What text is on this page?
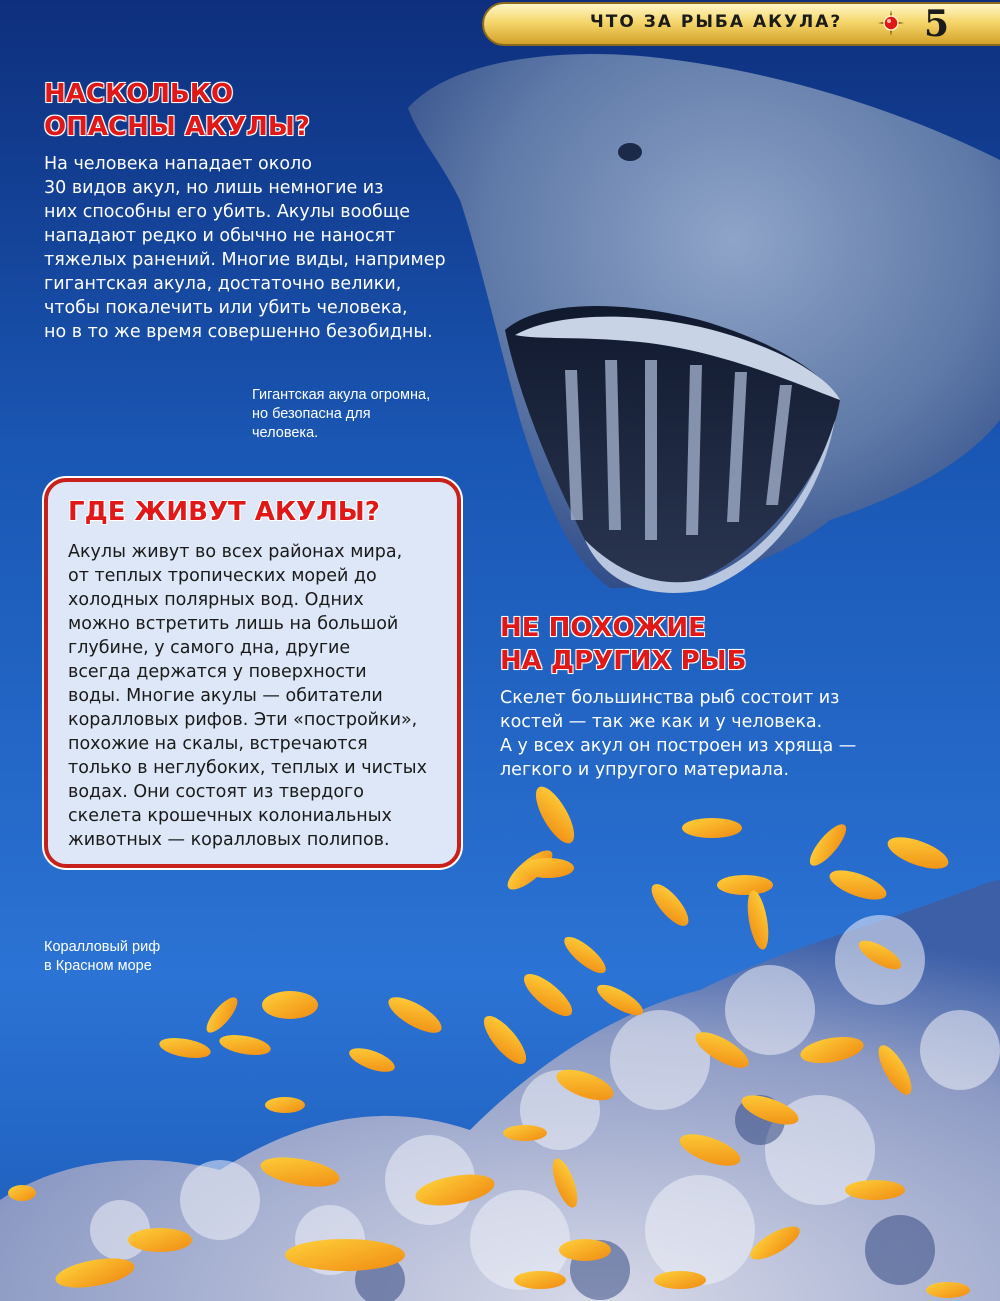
ЧТО ЗА РЫБА АКУЛА? 5
НАСКОЛЬКО
ОПАСНЫ АКУЛЫ?
На человека нападает около
30 видов акул, но лишь немногие из
них способны его убить. Акулы вообще
нападают редко и обычно не наносят
тяжелых ранений. Многие виды, например
гигантская акула, достаточно велики,
чтобы покалечить или убить человека,
но в то же время совершенно безобидны.
Гигантская акула огромна,
но безопасна для
человека.
ГДЕ ЖИВУТ АКУЛЫ?
Акулы живут во всех районах мира,
от теплых тропических морей до
холодных полярных вод. Одних
можно встретить лишь на большой
глубине, у самого дна, другие
всегда держатся у поверхности
воды. Многие акулы — обитатели
коралловых рифов. Эти «постройки»,
похожие на скалы, встречаются
только в неглубоких, теплых и чистых
водах. Они состоят из твердого
скелета крошечных колониальных
животных — коралловых полипов.
НЕ ПОХОЖИЕ
НА ДРУГИХ РЫБ
Скелет большинства рыб состоит из
костей — так же как и у человека.
А у всех акул он построен из хряща —
легкого и упругого материала.
Коралловый риф
в Красном море
